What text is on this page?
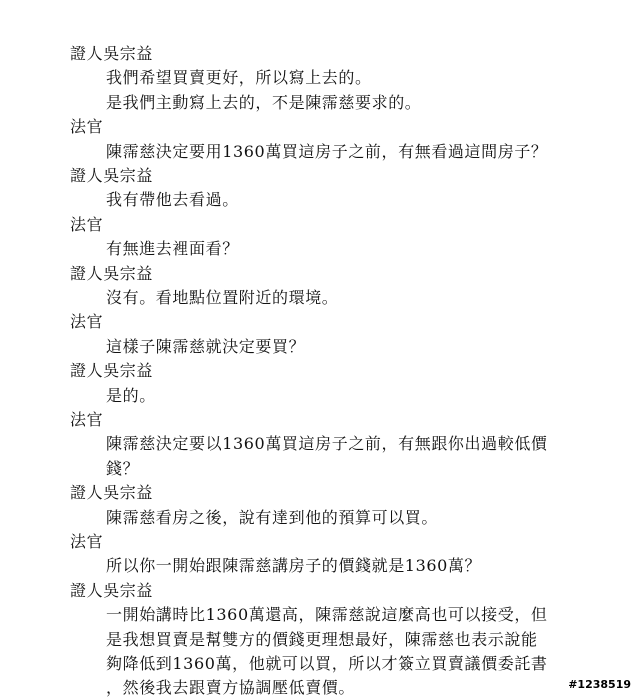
證人吳宗益
我們希望買賣更好，所以寫上去的。
是我們主動寫上去的，不是陳霈慈要求的。
法官
陳霈慈決定要用1360萬買這房子之前，有無看過這間房子？
證人吳宗益
我有帶他去看過。
法官
有無進去裡面看？
證人吳宗益
沒有。看地點位置附近的環境。
法官
這樣子陳霈慈就決定要買？
證人吳宗益
是的。
法官
陳霈慈決定要以1360萬買這房子之前，有無跟你出過較低價
錢？
證人吳宗益
陳霈慈看房之後，說有達到他的預算可以買。
法官
所以你一開始跟陳霈慈講房子的價錢就是1360萬？
證人吳宗益
一開始講時比1360萬還高，陳霈慈說這麼高也可以接受，但
是我想買賣是幫雙方的價錢更理想最好，陳霈慈也表示說能
夠降低到1360萬，他就可以買，所以才簽立買賣議價委託書
，然後我去跟賣方協調壓低賣價。	#1238519
